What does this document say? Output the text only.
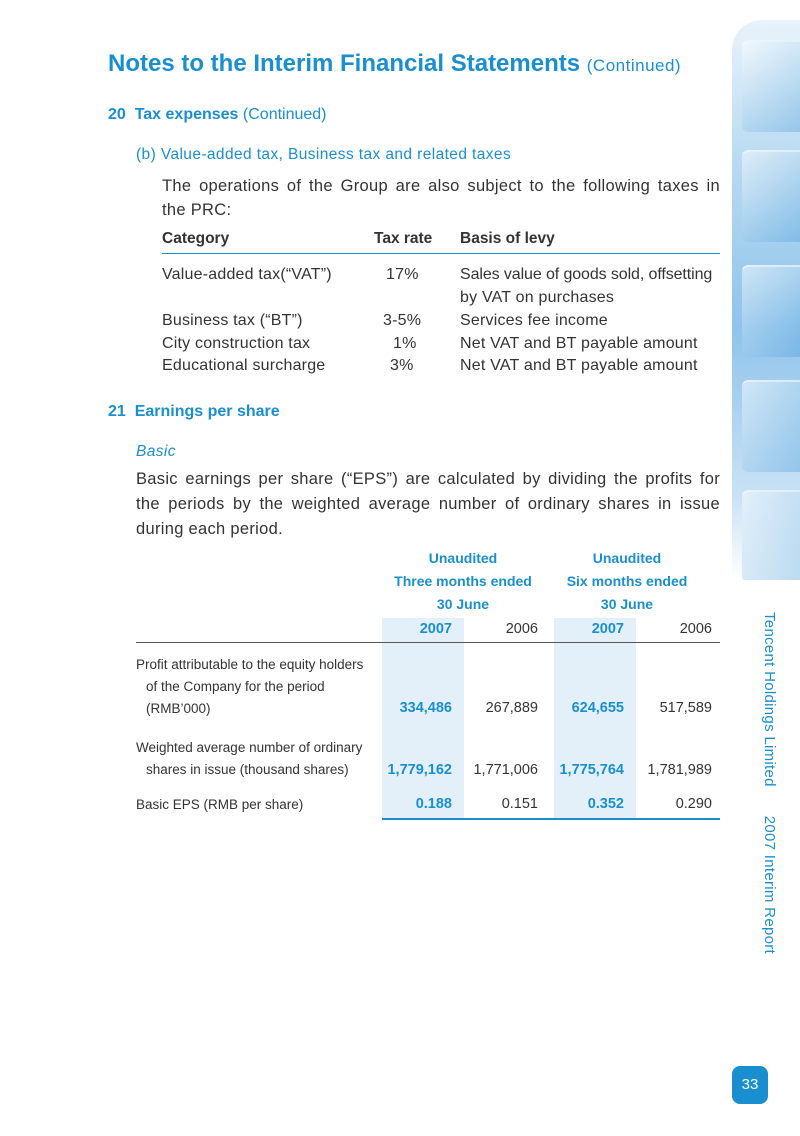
Notes to the Interim Financial Statements (Continued)
20 Tax expenses (Continued)
(b) Value-added tax, Business tax and related taxes
The operations of the Group are also subject to the following taxes in
the PRC:
Category	Tax rate Basis of levy
Value-added tax(“VAT”)	17%	Sales value of goods sold, offsetting
by VAT on purchases
Business tax (“BT”)	3-5% Services fee income
City construction tax	1%	Net VAT and BT payable amount
Educational surcharge	3%	Net VAT and BT payable amount
21 Earnings per share
Basic
Basic earnings per share (“EPS”) are calculated by dividing the profits for
the periods by the weighted average number of ordinary shares in issue
during each period.
Unaudited
Three months ended
30 June
Unaudited
Six months ended
30 June
2007	2006	2007	2006
Profit attributable to the equity holders
of the Company for the period
(RMB’000)	334,486	267,889	624,655	517,589
Weighted average number of ordinary
shares in issue (thousand shares)	1,779,162	1,771,006	1,775,764	1,781,989
Basic EPS (RMB per share)	0.188	0.151	0.352	0.290
Tencent Holdings Limited  2007 Interim Report
33
